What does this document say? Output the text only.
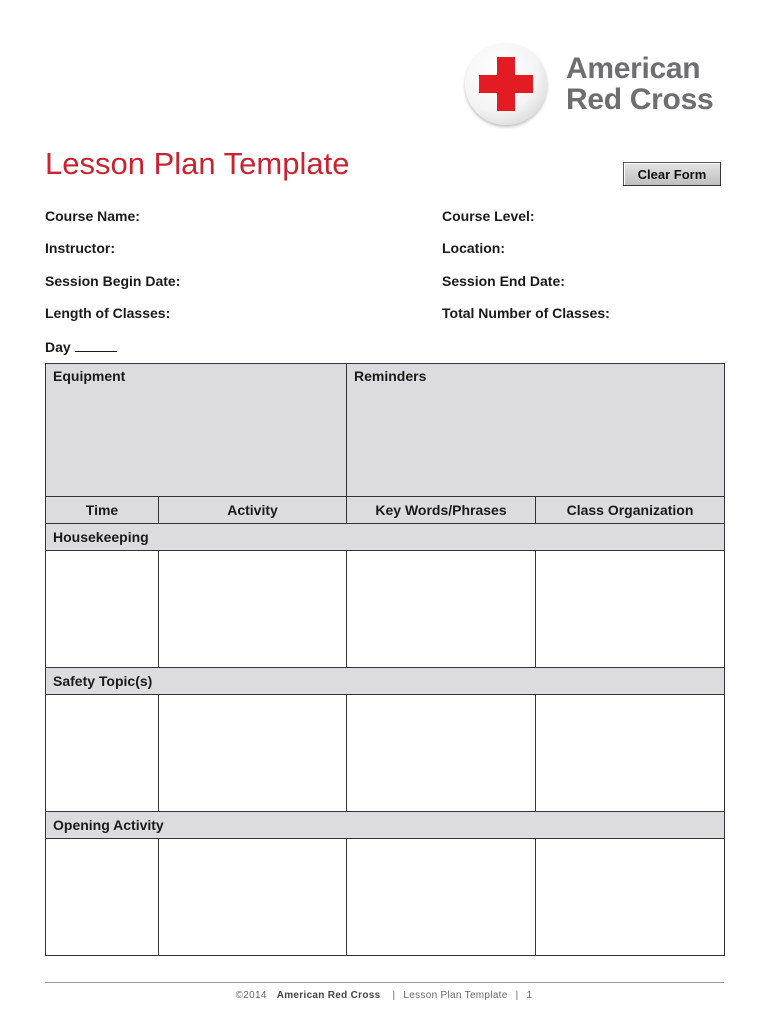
American
Red Cross
Lesson Plan Template	Clear Form
Course Name:	Course Level:
Instructor:	Location:
Session Begin Date:	Session End Date:
Length of Classes:	Total Number of Classes:
Day
Equipment		Reminders	
Time	Activity	Key Words/Phrases	Class Organization
Housekeeping			

Safety Topic(s)			

Opening Activity			

©2014 American Red Cross | Lesson Plan Template | 1
